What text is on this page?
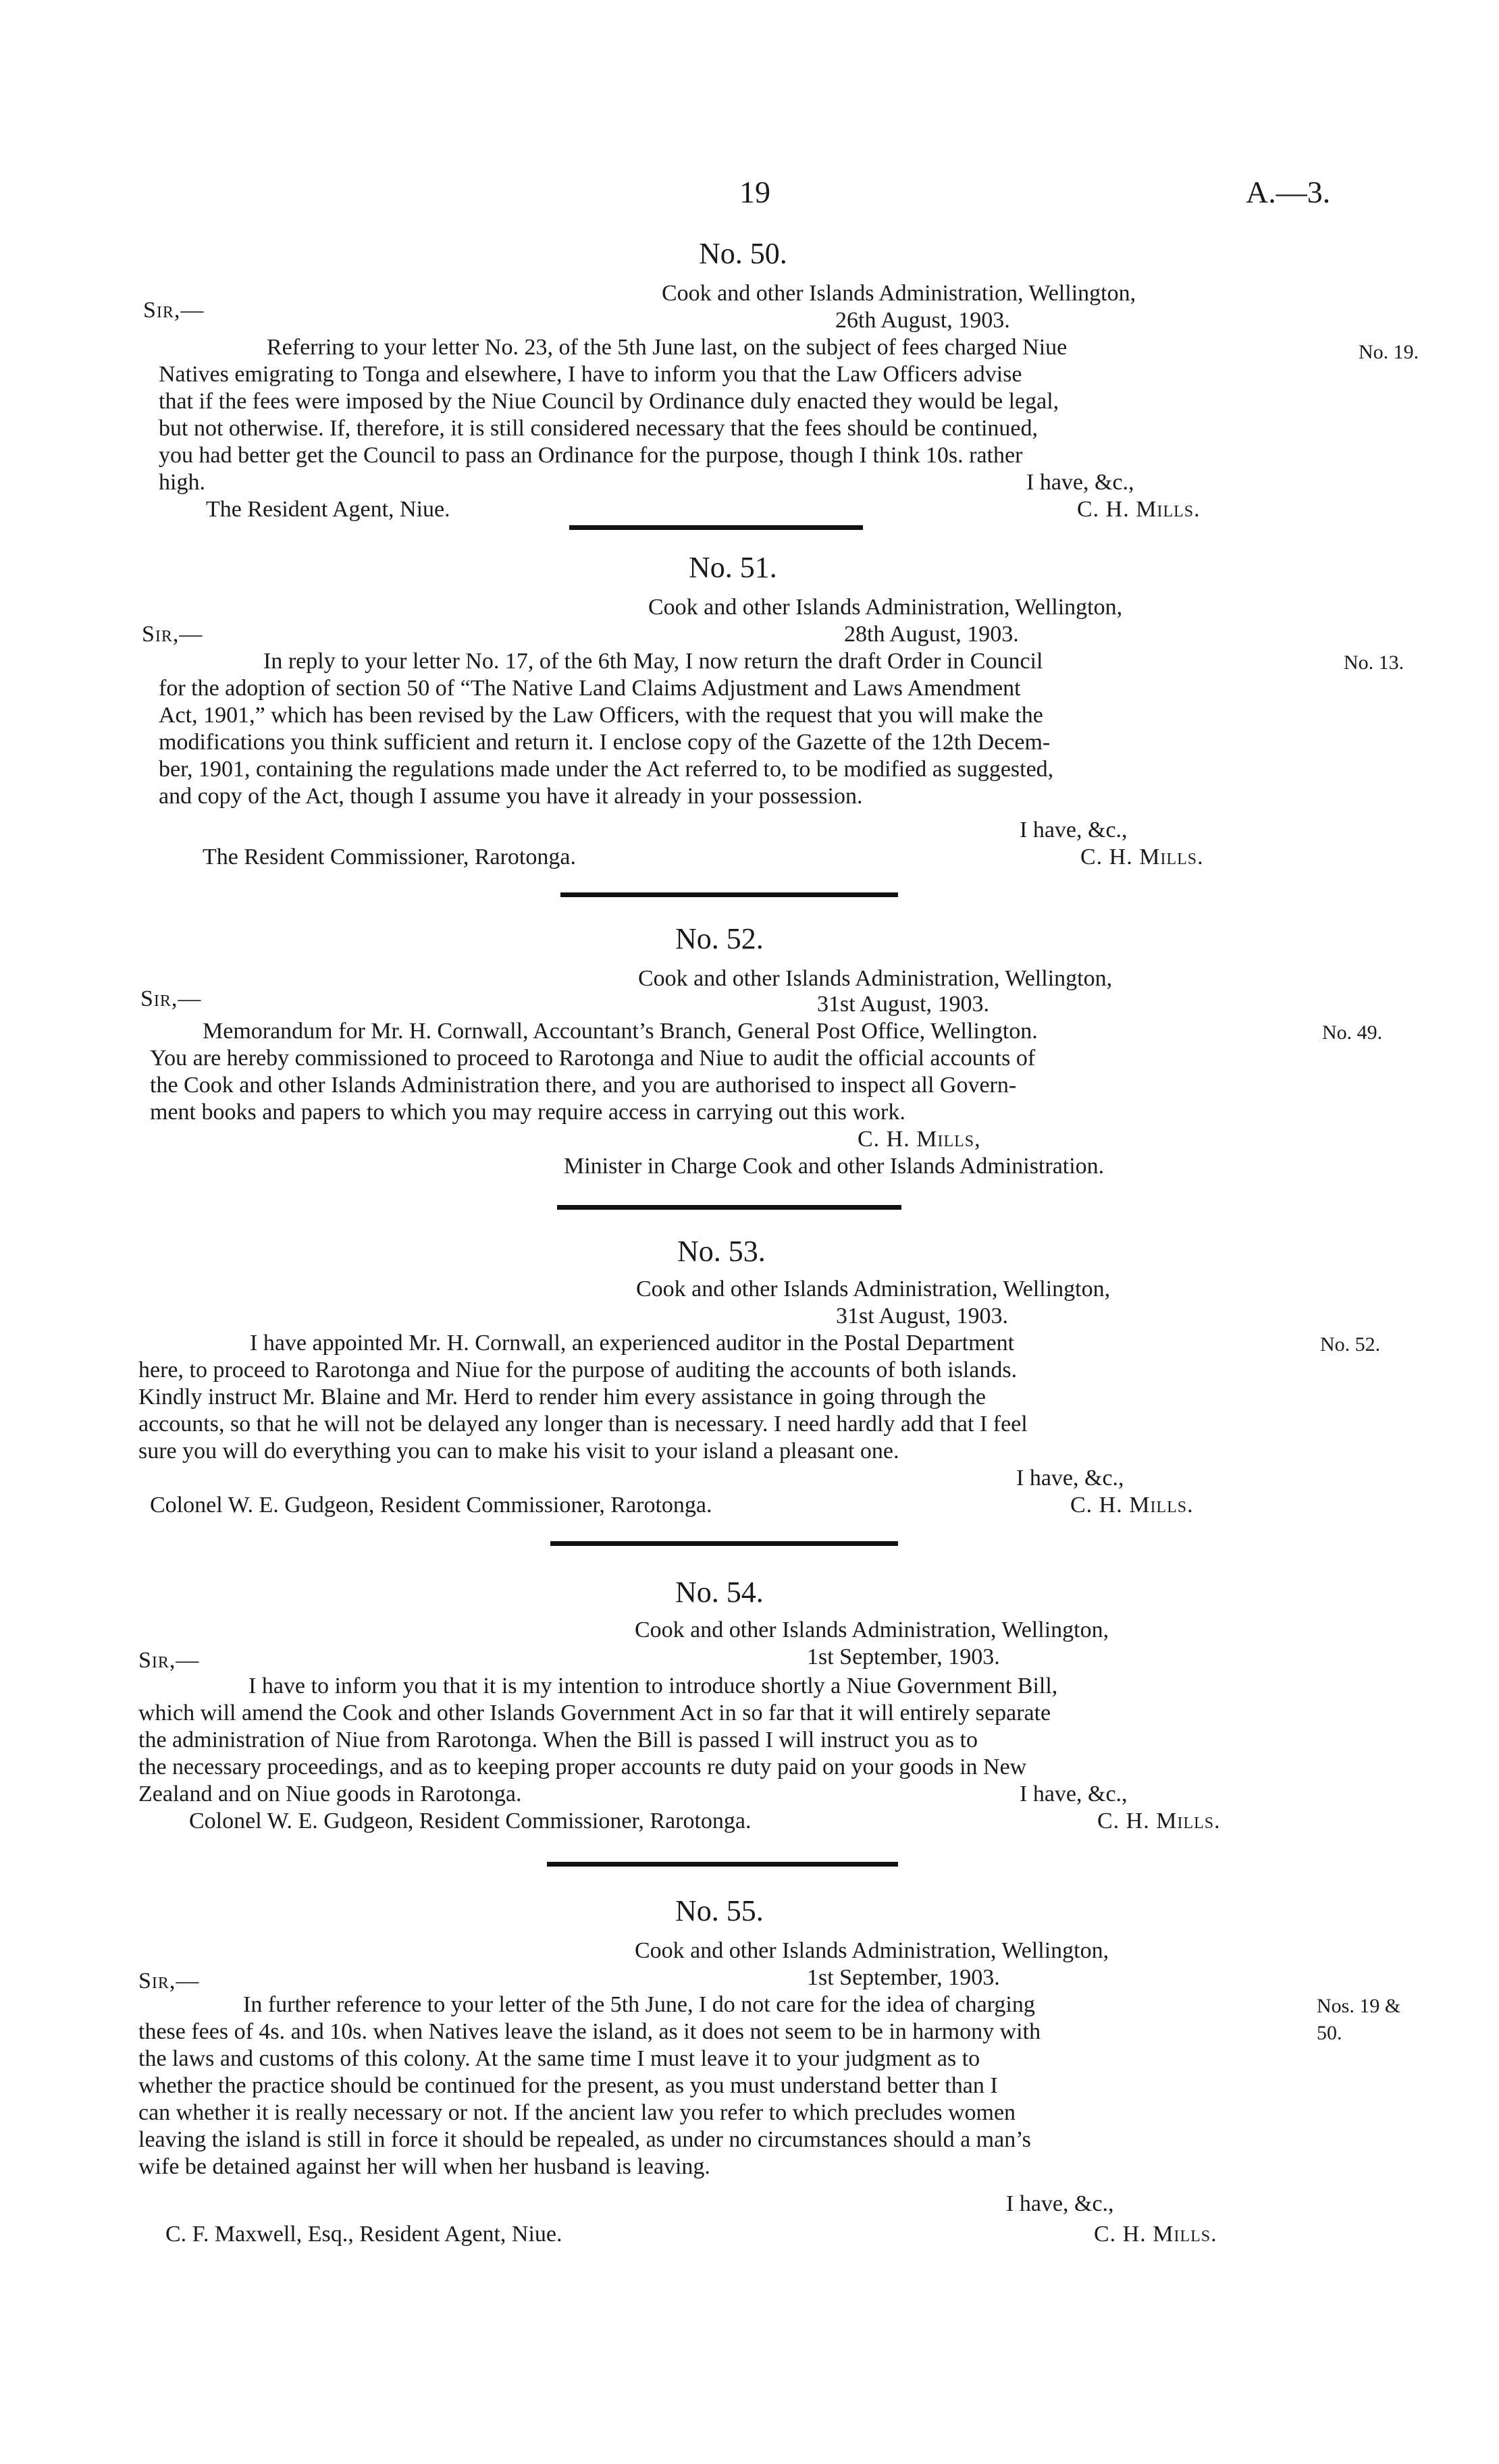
19	A.—3.
No. 50.
Cook and other Islands Administration, Wellington,
Sir,—	26th August, 1903.
No. 19.
Referring to your letter No. 23, of the 5th June last, on the subject of fees charged Niue
Natives emigrating to Tonga and elsewhere, I have to inform you that the Law Officers advise
that if the fees were imposed by the Niue Council by Ordinance duly enacted they would be legal,
but not otherwise. If, therefore, it is still considered necessary that the fees should be continued,
you had better get the Council to pass an Ordinance for the purpose, though I think 10s. rather
high.	I have, &c.,
The Resident Agent, Niue.	C. H. Mills.
No. 51.
Cook and other Islands Administration, Wellington,
Sir,—	28th August, 1903.
No. 13.
In reply to your letter No. 17, of the 6th May, I now return the draft Order in Council
for the adoption of section 50 of “The Native Land Claims Adjustment and Laws Amendment
Act, 1901,” which has been revised by the Law Officers, with the request that you will make the
modifications you think sufficient and return it. I enclose copy of the Gazette of the 12th Decem-
ber, 1901, containing the regulations made under the Act referred to, to be modified as suggested,
and copy of the Act, though I assume you have it already in your possession.
I have, &c.,
The Resident Commissioner, Rarotonga.	C. H. Mills.
No. 52.
Cook and other Islands Administration, Wellington,
Sir,—	31st August, 1903.
No. 49.
Memorandum for Mr. H. Cornwall, Accountant’s Branch, General Post Office, Wellington.
You are hereby commissioned to proceed to Rarotonga and Niue to audit the official accounts of
the Cook and other Islands Administration there, and you are authorised to inspect all Govern-
ment books and papers to which you may require access in carrying out this work.
C. H. Mills,
Minister in Charge Cook and other Islands Administration.
No. 53.
Cook and other Islands Administration, Wellington,
31st August, 1903.
No. 52.
I have appointed Mr. H. Cornwall, an experienced auditor in the Postal Department
here, to proceed to Rarotonga and Niue for the purpose of auditing the accounts of both islands.
Kindly instruct Mr. Blaine and Mr. Herd to render him every assistance in going through the
accounts, so that he will not be delayed any longer than is necessary. I need hardly add that I feel
sure you will do everything you can to make his visit to your island a pleasant one.
I have, &c.,
Colonel W. E. Gudgeon, Resident Commissioner, Rarotonga.	C. H. Mills.
No. 54.
Cook and other Islands Administration, Wellington,
Sir,—	1st September, 1903.
I have to inform you that it is my intention to introduce shortly a Niue Government Bill,
which will amend the Cook and other Islands Government Act in so far that it will entirely separate
the administration of Niue from Rarotonga. When the Bill is passed I will instruct you as to
the necessary proceedings, and as to keeping proper accounts re duty paid on your goods in New
Zealand and on Niue goods in Rarotonga.	I have, &c.,
Colonel W. E. Gudgeon, Resident Commissioner, Rarotonga.	C. H. Mills.
No. 55.
Cook and other Islands Administration, Wellington,
Sir,—	1st September, 1903.
Nos. 19 &
50.
In further reference to your letter of the 5th June, I do not care for the idea of charging
these fees of 4s. and 10s. when Natives leave the island, as it does not seem to be in harmony with
the laws and customs of this colony. At the same time I must leave it to your judgment as to
whether the practice should be continued for the present, as you must understand better than I
can whether it is really necessary or not. If the ancient law you refer to which precludes women
leaving the island is still in force it should be repealed, as under no circumstances should a man’s
wife be detained against her will when her husband is leaving.
I have, &c.,
C. F. Maxwell, Esq., Resident Agent, Niue.	C. H. Mills.
